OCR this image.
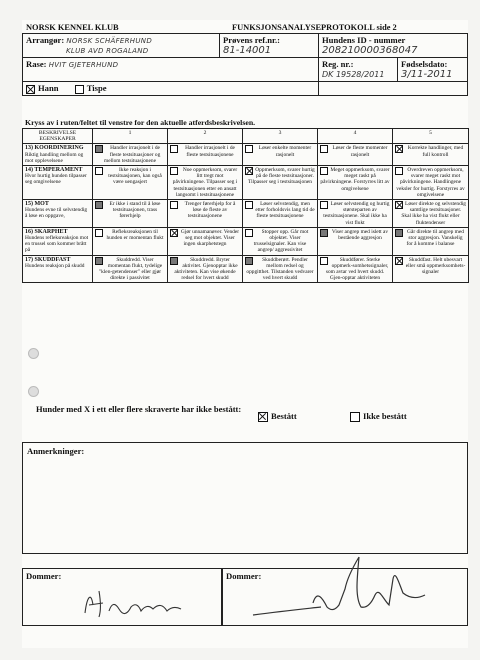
NORSK KENNEL KLUB	FUNKSJONSANALYSEPROTOKOLL side 2
Arrangør: NORSK SCHÄFERHUND
KLUB AVD ROGALAND	Prøvens ref.nr.:
81-14001	Hundens ID - nummer
208210000368047	
Rase: HVIT GJETERHUND		Reg. nr.:
DK 19528/2011	Fødselsdato:
3/11-2011
Hann Tispe			
Kryss av i ruten/feltet til venstre for den aktuelle atferdsbeskrivelsen.
BESKRIVELSE EGENSKAPER	1	2	3	4	5

13) KOORDINERING
Riktig handling mellom og mot opplevelsene	Handler irrasjonelt i de fleste testsituasjoner og mellom testsituasjonene	Handler irrasjonelt i de fleste testsituasjonene	Løser enkelte momenter rasjonelt	Løser de fleste momenter rasjonelt	Korrekte handlinger, med full kontroll

14) TEMPERAMENT
Hvor hurtig hunden tilpasser seg omgivelsene	Ikke reaksjon i testsituasjonen, kan også være uengasjert	Noe oppmerksom, svarer litt tregt mot påvirkningene. Tilpasser seg i testsituasjonen etter en ansatt langsomt i testsituasjonene	Oppmerksom, svarer hurtig på de fleste testsituasjoner. Tilpasser seg i testsituasjonen	Meget oppmerksom, svarer meget raskt på påvirkningene. Forstyrres litt av omgivelsene	Overdreven oppmerksom, svarer meget raskt mot påvirkningene. Handlingene veksler for hurtig. Forstyrres av omgivelsene

15) MOT
Hundens evne til selvstendig å løse en oppgave,	Er ikke i stand til å løse testsituasjonen, trass førerhjelp	Trenger førerhjelp for å løse de fleste av testsituasjonene	Løser selvstendig, men etter forholdsvis lang tid de fleste testsituasjonene	Løser selvstendig og hurtig størsteparten av testsituasjonene. Skal ikke ha vist flukt	Løser direkte og selvstendig samtlige testsituasjoner. Skal ikke ha vist flukt eller fluktendenser

16) SKARPHET
Hundens refleksreaksjon mot en trussel som kommer brått på	Refleksreaksjonen til hunden er momentan flukt	Gjør unnamanøver. Vender seg mot objektet. Viser ingen skarphetstegn	Stopper opp. Går mot objektet. Viser trusselsignaler. Kan vise angrep/ aggressivitet	Viser angrep med islett av bestående aggresjon	Går direkte til angrep med stor aggresjon. Vanskelig for å komme i balanse

17) SKUDDFAST
Hundens reaksjon på skudd	Skuddredd. Viser momentan flukt, tydelige "klen-getendenser" eller gjør direkte i passivitet	Skuddredd. Bryter aktivitet. Gjenopptar ikke aktiviteten. Kan vise økende redsel for hvert skudd	Skuddberørt. Pendler mellom redsel og oppgitthet. Tilstanden vedvarer ved hvert skudd	Skuddfører. Sterke oppmerk-somhetssignaler, som avtar ved hvert skudd. Gjen-opptar aktiviteten	Skuddfast. Helt ubesvart eller små oppmerksomhets-signaler
Hunder med X i ett eller flere skraverte har ikke bestått:
Bestått	Ikke bestått
Anmerkninger:
Dommer:	Dommer:
